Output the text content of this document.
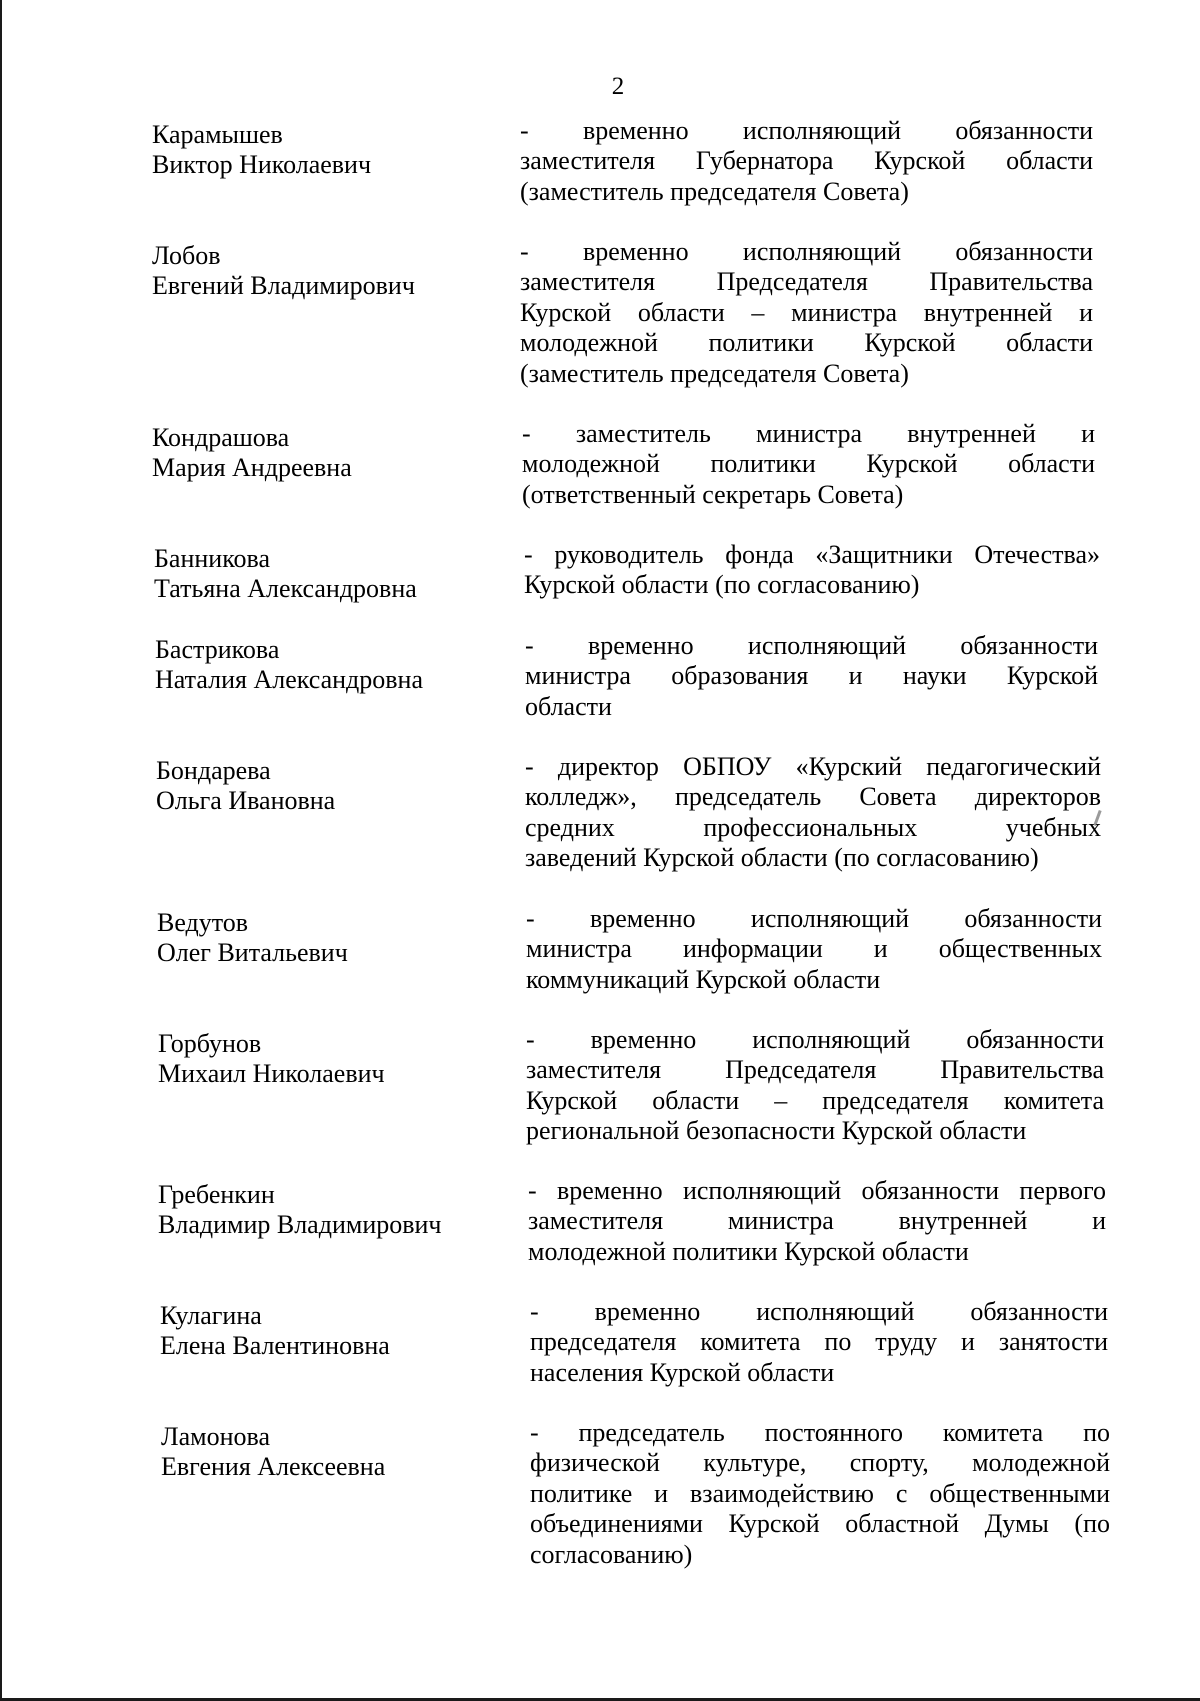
2
Карамышев
Виктор Николаевич
- временно исполняющий обязанности
заместителя Губернатора Курской области
(заместитель председателя Совета)
Лобов
Евгений Владимирович
- временно исполняющий обязанности
заместителя Председателя Правительства
Курской области – министра внутренней и
молодежной политики Курской области
(заместитель председателя Совета)
Кондрашова
Мария Андреевна
- заместитель министра внутренней и
молодежной политики Курской области
(ответственный секретарь Совета)
Банникова
Татьяна Александровна
- руководитель фонда «Защитники Отечества»
Курской области (по согласованию)
Бастрикова
Наталия Александровна
- временно исполняющий обязанности
министра образования и науки Курской
области
Бондарева
Ольга Ивановна
- директор ОБПОУ «Курский педагогический
колледж», председатель Совета директоров
средних профессиональных учебных
заведений Курской области (по согласованию)
Ведутов
Олег Витальевич
- временно исполняющий обязанности
министра информации и общественных
коммуникаций Курской области
Горбунов
Михаил Николаевич
- временно исполняющий обязанности
заместителя Председателя Правительства
Курской области – председателя комитета
региональной безопасности Курской области
Гребенкин
Владимир Владимирович
- временно исполняющий обязанности первого
заместителя министра внутренней и
молодежной политики Курской области
Кулагина
Елена Валентиновна
- временно исполняющий обязанности
председателя комитета по труду и занятости
населения Курской области
Ламонова
Евгения Алексеевна
- председатель постоянного комитета по
физической культуре, спорту, молодежной
политике и взаимодействию с общественными
объединениями Курской областной Думы (по
согласованию)
